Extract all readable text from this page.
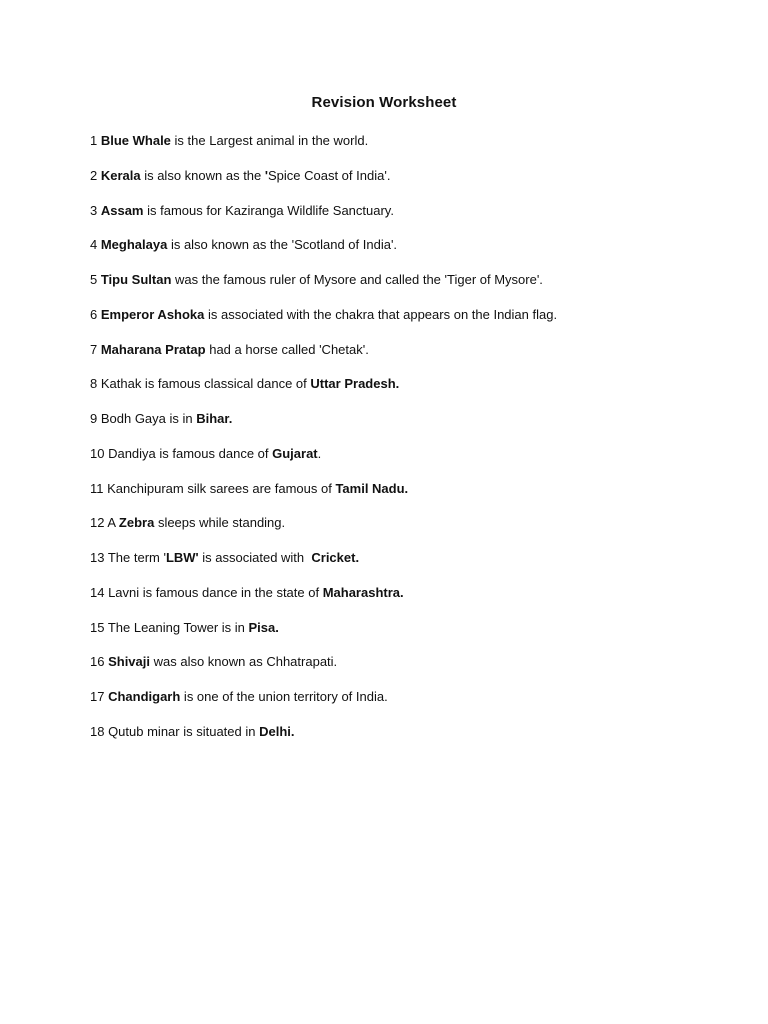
Revision Worksheet
1 Blue Whale is the Largest animal in the world.
2 Kerala is also known as the 'Spice Coast of India'.
3 Assam is famous for Kaziranga Wildlife Sanctuary.
4 Meghalaya is also known as the 'Scotland of India'.
5 Tipu Sultan was the famous ruler of Mysore and called the 'Tiger of Mysore'.
6 Emperor Ashoka is associated with the chakra that appears on the Indian flag.
7 Maharana Pratap had a horse called 'Chetak'.
8 Kathak is famous classical dance of Uttar Pradesh.
9 Bodh Gaya is in Bihar.
10 Dandiya is famous dance of Gujarat.
11 Kanchipuram silk sarees are famous of Tamil Nadu.
12 A Zebra sleeps while standing.
13 The term 'LBW' is associated with  Cricket.
14 Lavni is famous dance in the state of Maharashtra.
15 The Leaning Tower is in Pisa.
16 Shivaji was also known as Chhatrapati.
17 Chandigarh is one of the union territory of India.
18 Qutub minar is situated in Delhi.
